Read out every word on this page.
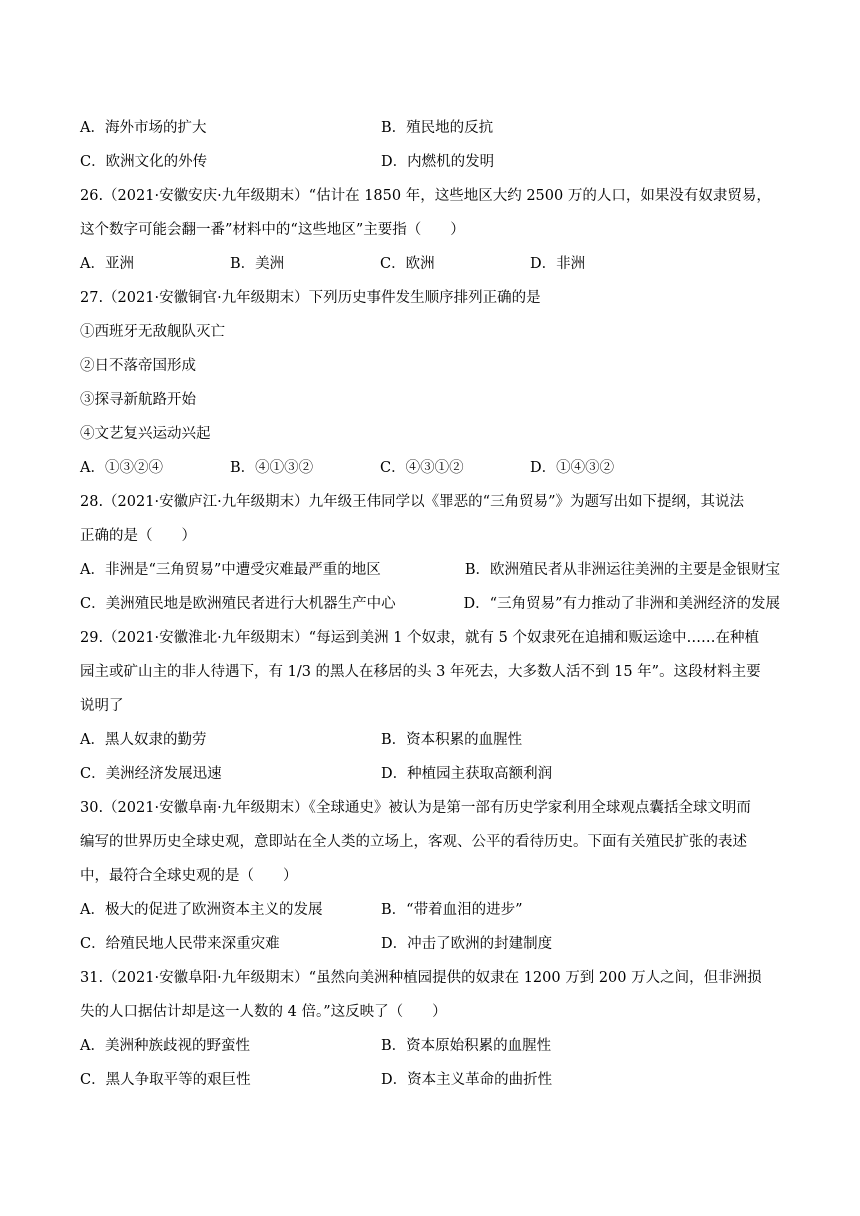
A．海外市场的扩大	B．殖民地的反抗
C．欧洲文化的外传	D．内燃机的发明
26.（2021·安徽安庆·九年级期末）“估计在 1850 年，这些地区大约 2500 万的人口，如果没有奴隶贸易，
这个数字可能会翻一番”材料中的“这些地区”主要指（　　）
A．亚洲	B．美洲	C．欧洲	D．非洲
27.（2021·安徽铜官·九年级期末）下列历史事件发生顺序排列正确的是
①西班牙无敌舰队灭亡
②日不落帝国形成
③探寻新航路开始
④文艺复兴运动兴起
A．①③②④	B．④①③②	C．④③①②	D．①④③②
28.（2021·安徽庐江·九年级期末）九年级王伟同学以《罪恶的“三角贸易”》为题写出如下提纲，其说法
正确的是（　　）
A．非洲是“三角贸易”中遭受灾难最严重的地区	B．欧洲殖民者从非洲运往美洲的主要是金银财宝
C．美洲殖民地是欧洲殖民者进行大机器生产中心	D．“三角贸易”有力推动了非洲和美洲经济的发展
29.（2021·安徽淮北·九年级期末）“每运到美洲 1 个奴隶，就有 5 个奴隶死在追捕和贩运途中……在种植
园主或矿山主的非人待遇下，有 1/3 的黑人在移居的头 3 年死去，大多数人活不到 15 年”。这段材料主要
说明了
A．黑人奴隶的勤劳	B．资本积累的血腥性
C．美洲经济发展迅速	D．种植园主获取高额利润
30.（2021·安徽阜南·九年级期末）《全球通史》被认为是第一部有历史学家利用全球观点囊括全球文明而
编写的世界历史全球史观，意即站在全人类的立场上，客观、公平的看待历史。下面有关殖民扩张的表述
中，最符合全球史观的是（　　）
A．极大的促进了欧洲资本主义的发展	B．“带着血泪的进步”
C．给殖民地人民带来深重灾难	D．冲击了欧洲的封建制度
31.（2021·安徽阜阳·九年级期末）“虽然向美洲种植园提供的奴隶在 1200 万到 200 万人之间，但非洲损
失的人口据估计却是这一人数的 4 倍。”这反映了（　　）
A．美洲种族歧视的野蛮性	B．资本原始积累的血腥性
C．黑人争取平等的艰巨性	D．资本主义革命的曲折性
